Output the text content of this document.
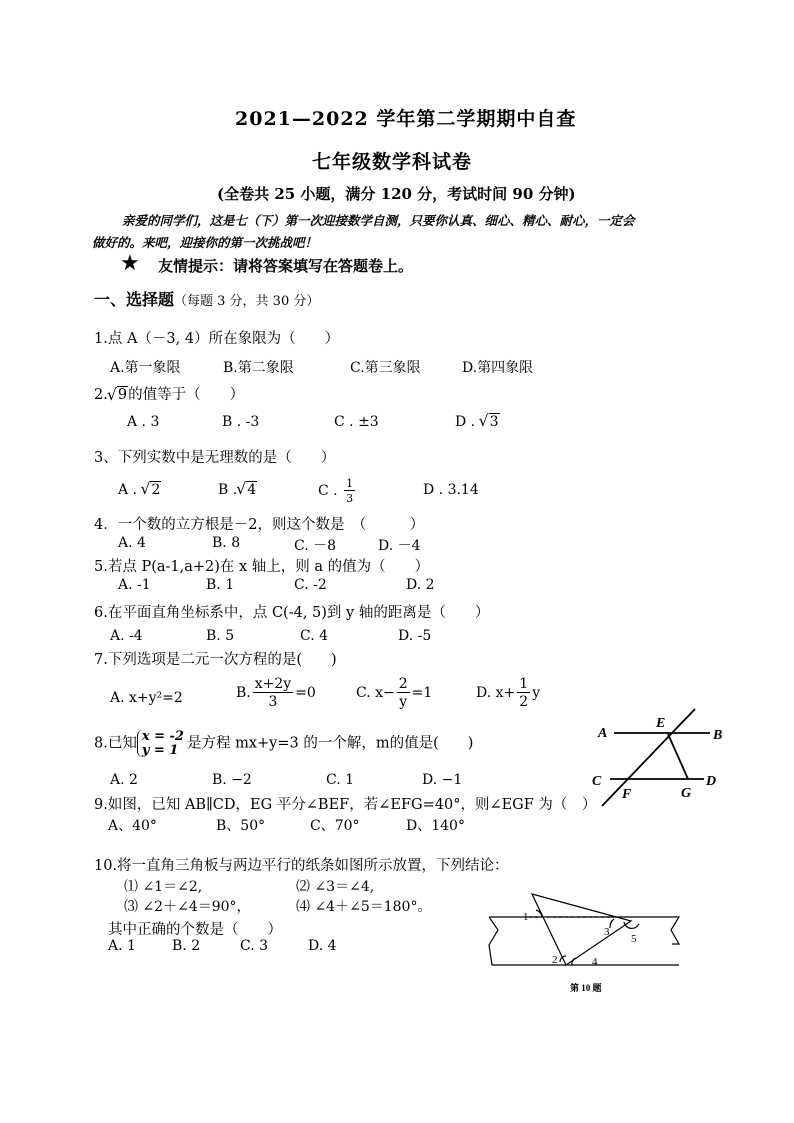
2021—2022 学年第二学期期中自查
七年级数学科试卷
(全卷共 25 小题，满分 120 分，考试时间 90 分钟)
亲爱的同学们，这是七（下）第一次迎接数学自测，只要你认真、细心、精心、耐心，一定会
做好的。来吧，迎接你的第一次挑战吧！
★ 友情提示：请将答案填写在答题卷上。
一、选择题（每题 3 分，共 30 分）
1.点 A（－3, 4）所在象限为（　　）
A.第一象限	B.第二象限	C.第三象限	D.第四象限
2. √ 9的值等于（　　）
A . 3	B . -3	C . ±3	D . √ 3
3、下列实数中是无理数的是（　　）
A . √ 2	B . √ 4	C . $\frac{1}{3}$	D . 3.14
4．一个数的立方根是－2，则这个数是　（　　　）
A. 4	B. 8	C. －8	D. －4
5.若点 P(a-1,a+2)在 x 轴上，则 a 的值为（　　）
A. -1	B. 1	C. -2	D. 2
6.在平面直角坐标系中，点 C(-4, 5)到 y 轴的距离是（　　）
A. -4	B. 5	C. 4	D. -5
7.下列选项是二元一次方程的是(　　)
A. x+y²=2	B. $\frac{x+2y}{3} =0$	C. $x- \frac{2}{y} =1$	D. $x+ \frac{1}{2}$ y
8.已知 x = -2
y = 1 是方程 mx+y=3 的一个解，m的值是(　　)
A. 2	B. −2	C. 1	D. −1
9.如图，已知 AB∥CD，EG 平分∠BEF，若∠EFG=40°，则∠EGF 为（　）
A、40°	B、50°	C、70°	D、140°
A	B
E
C	D
F	G
10.将一直角三角板与两边平行的纸条如图所示放置，下列结论：
⑴ ∠1＝∠2,	⑵ ∠3＝∠4,
⑶ ∠2＋∠4＝90°，	⑷ ∠4＋∠5＝180°。
其中正确的个数是（　　）
A. 1	B. 2	C. 3	D. 4
1
2
3
4
5
第 10 题
